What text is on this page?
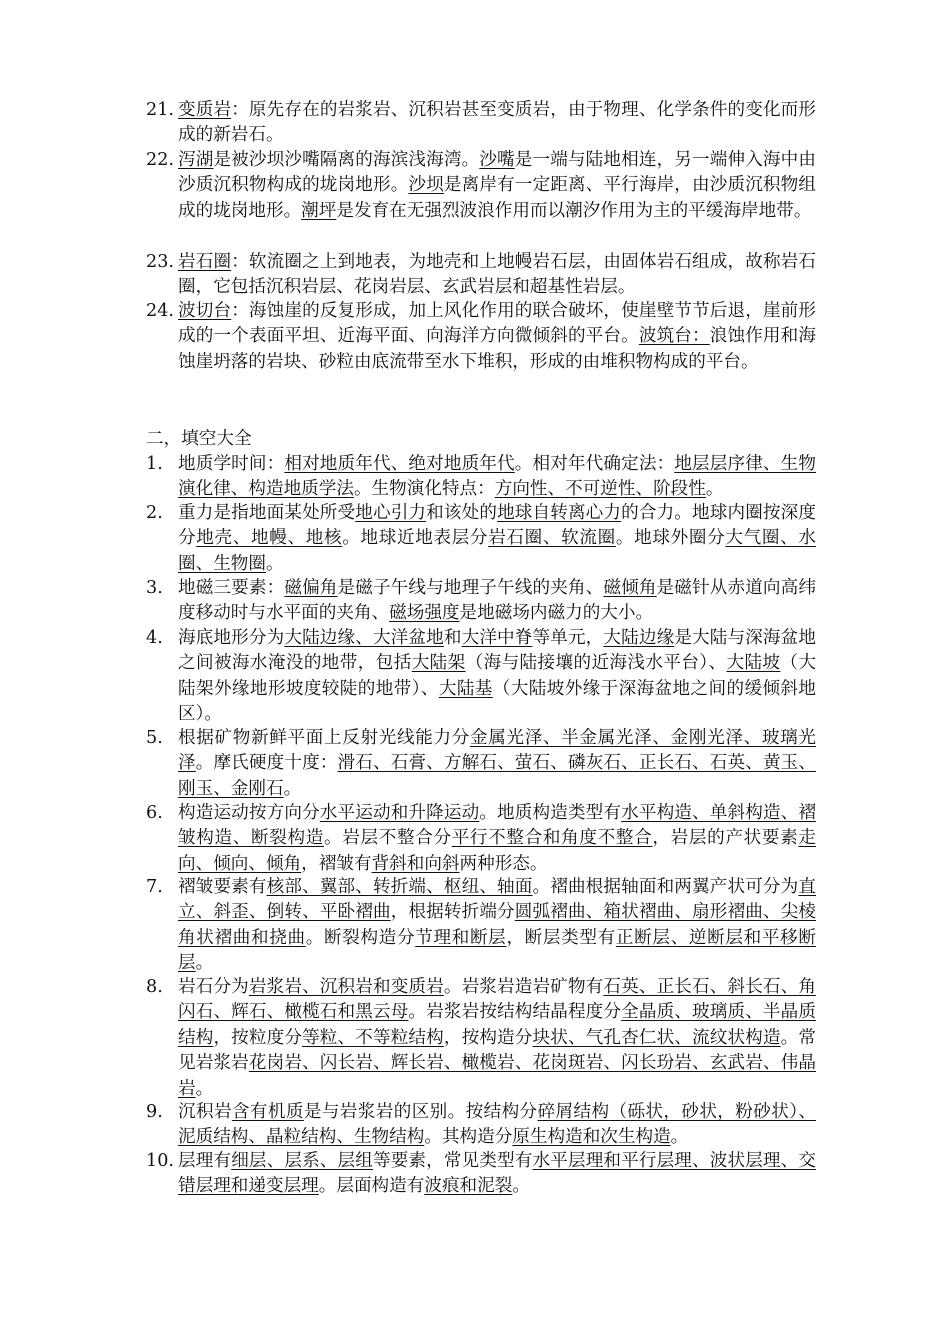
21. 变质岩：原先存在的岩浆岩、沉积岩甚至变质岩，由于物理、化学条件的变化而形成的新岩石。
22. 泻湖是被沙坝沙嘴隔离的海滨浅海湾。沙嘴是一端与陆地相连，另一端伸入海中由沙质沉积物构成的垅岗地形。沙坝是离岸有一定距离、平行海岸，由沙质沉积物组成的垅岗地形。潮坪是发育在无强烈波浪作用而以潮汐作用为主的平缓海岸地带。
23. 岩石圈：软流圈之上到地表，为地壳和上地幔岩石层，由固体岩石组成，故称岩石圈，它包括沉积岩层、花岗岩层、玄武岩层和超基性岩层。
24. 波切台：海蚀崖的反复形成，加上风化作用的联合破坏，使崖壁节节后退，崖前形成的一个表面平坦、近海平面、向海洋方向微倾斜的平台。波筑台：浪蚀作用和海蚀崖坍落的岩块、砂粒由底流带至水下堆积，形成的由堆积物构成的平台。
二，填空大全
1. 地质学时间：相对地质年代、绝对地质年代。相对年代确定法：地层层序律、生物演化律、构造地质学法。生物演化特点：方向性、不可逆性、阶段性。
2. 重力是指地面某处所受地心引力和该处的地球自转离心力的合力。地球内圈按深度分地壳、地幔、地核。地球近地表层分岩石圈、软流圈。地球外圈分大气圈、水圈、生物圈。
3. 地磁三要素：磁偏角是磁子午线与地理子午线的夹角、磁倾角是磁针从赤道向高纬度移动时与水平面的夹角、磁场强度是地磁场内磁力的大小。
4. 海底地形分为大陆边缘、大洋盆地和大洋中脊等单元，大陆边缘是大陆与深海盆地之间被海水淹没的地带，包括大陆架（海与陆接壤的近海浅水平台）、大陆坡（大陆架外缘地形坡度较陡的地带）、大陆基（大陆坡外缘于深海盆地之间的缓倾斜地区）。
5. 根据矿物新鲜平面上反射光线能力分金属光泽、半金属光泽、金刚光泽、玻璃光泽。摩氏硬度十度：滑石、石膏、方解石、萤石、磷灰石、正长石、石英、黄玉、刚玉、金刚石。
6. 构造运动按方向分水平运动和升降运动。地质构造类型有水平构造、单斜构造、褶皱构造、断裂构造。岩层不整合分平行不整合和角度不整合，岩层的产状要素走向、倾向、倾角，褶皱有背斜和向斜两种形态。
7. 褶皱要素有核部、翼部、转折端、枢纽、轴面。褶曲根据轴面和两翼产状可分为直立、斜歪、倒转、平卧褶曲，根据转折端分圆弧褶曲、箱状褶曲、扇形褶曲、尖棱角状褶曲和挠曲。断裂构造分节理和断层，断层类型有正断层、逆断层和平移断层。
8. 岩石分为岩浆岩、沉积岩和变质岩。岩浆岩造岩矿物有石英、正长石、斜长石、角闪石、辉石、橄榄石和黑云母。岩浆岩按结构结晶程度分全晶质、玻璃质、半晶质结构，按粒度分等粒、不等粒结构，按构造分块状、气孔杏仁状、流纹状构造。常见岩浆岩花岗岩、闪长岩、辉长岩、橄榄岩、花岗斑岩、闪长玢岩、玄武岩、伟晶岩。
9. 沉积岩含有机质是与岩浆岩的区别。按结构分碎屑结构（砾状，砂状，粉砂状）、泥质结构、晶粒结构、生物结构。其构造分原生构造和次生构造。
10. 层理有细层、层系、层组等要素，常见类型有水平层理和平行层理、波状层理、交错层理和递变层理。层面构造有波痕和泥裂。
